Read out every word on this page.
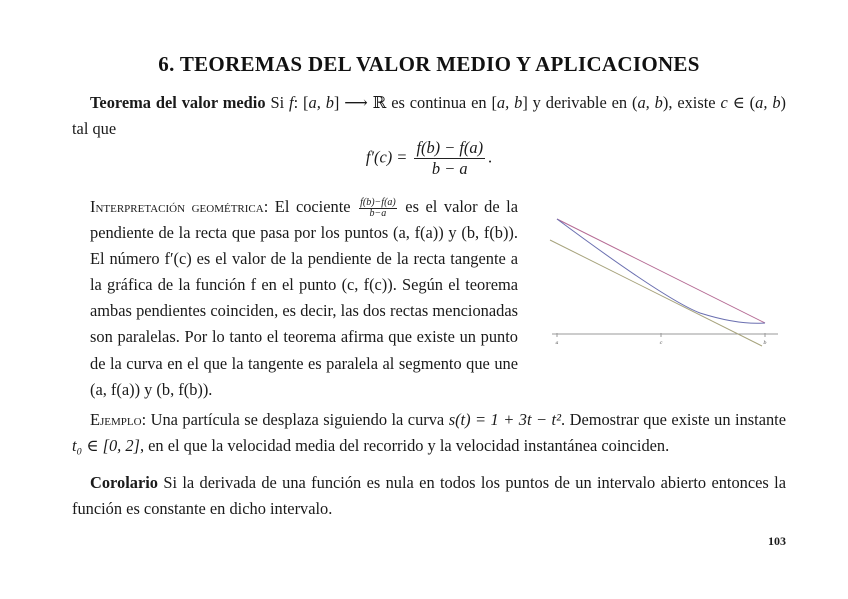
6. TEOREMAS DEL VALOR MEDIO Y APLICACIONES
Teorema del valor medio Si f: [a, b] ⟶ ℝ es continua en [a, b] y derivable en (a, b), existe c ∈ (a, b) tal que
$f'(c) = \frac{f(b) - f(a)}{b - a}$ .
Interpretación geométrica: El cociente $\frac{f(b)-f(a)}{b-a}$ es el valor de la pendiente de la recta que pasa por los puntos (a, f(a)) y (b, f(b)). El número f′(c) es el valor de la pendiente de la recta tangente a la gráfica de la función f en el punto (c, f(c)). Según el teorema ambas pendientes coinciden, es decir, las dos rectas mencionadas son paralelas. Por lo tanto el teorema afirma que existe un punto de la curva en el que la tangente es paralela al segmento que une (a, f(a)) y (b, f(b)).
a	c	b
Ejemplo: Una partícula se desplaza siguiendo la curva s(t) = 1 + 3t − t². Demostrar que existe un instante t₀ ∈ [0, 2], en el que la velocidad media del recorrido y la velocidad instantánea coinciden.
Corolario Si la derivada de una función es nula en todos los puntos de un intervalo abierto entonces la función es constante en dicho intervalo.
103
